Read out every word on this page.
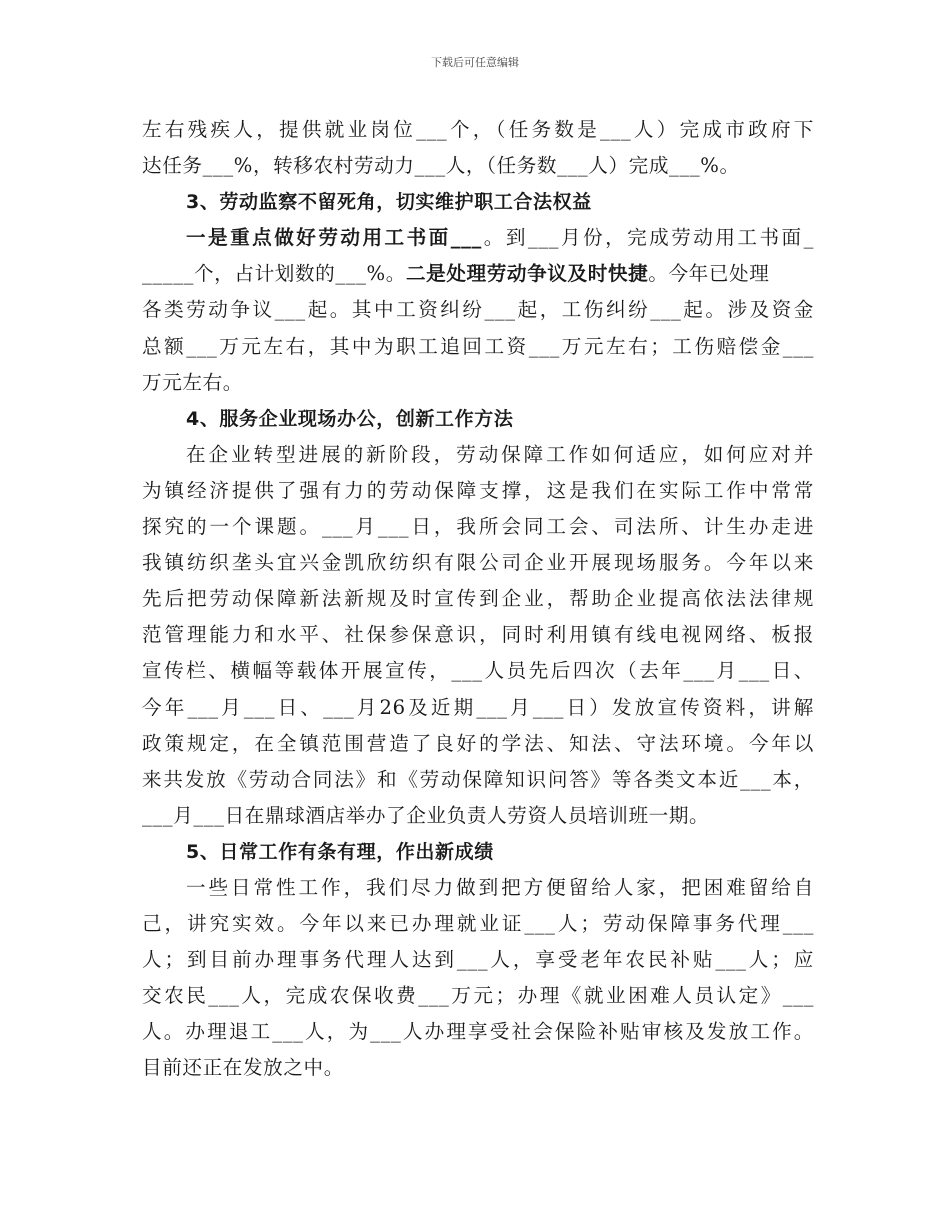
下载后可任意编辑
左右残疾人，提供就业岗位___个，（任务数是___人）完成市政府下
达任务___%，转移农村劳动力___人，（任务数___人）完成___%。
3、劳动监察不留死角，切实维护职工合法权益
一是重点做好劳动用工书面___。到___月份，完成劳动用工书面_
_____个，占计划数的___%。二是处理劳动争议及时快捷。今年已处理
各类劳动争议___起。其中工资纠纷___起，工伤纠纷___起。涉及资金
总额___万元左右，其中为职工追回工资___万元左右；工伤赔偿金___
万元左右。
4、服务企业现场办公，创新工作方法
在企业转型进展的新阶段，劳动保障工作如何适应，如何应对并
为镇经济提供了强有力的劳动保障支撑，这是我们在实际工作中常常
探究的一个课题。___月___日，我所会同工会、司法所、计生办走进
我镇纺织垄头宜兴金凯欣纺织有限公司企业开展现场服务。今年以来
先后把劳动保障新法新规及时宣传到企业，帮助企业提高依法法律规
范管理能力和水平、社保参保意识，同时利用镇有线电视网络、板报
宣传栏、横幅等载体开展宣传，___人员先后四次（去年___月___日、
今年___月___日、___月26及近期___月___日）发放宣传资料，讲解
政策规定，在全镇范围营造了良好的学法、知法、守法环境。今年以
来共发放《劳动合同法》和《劳动保障知识问答》等各类文本近___本，
___月___日在鼎球酒店举办了企业负责人劳资人员培训班一期。
5、日常工作有条有理，作出新成绩
一些日常性工作，我们尽力做到把方便留给人家，把困难留给自
己，讲究实效。今年以来已办理就业证___人；劳动保障事务代理___
人；到目前办理事务代理人达到___人，享受老年农民补贴___人；应
交农民___人，完成农保收费___万元；办理《就业困难人员认定》___
人。办理退工___人，为___人办理享受社会保险补贴审核及发放工作。
目前还正在发放之中。
